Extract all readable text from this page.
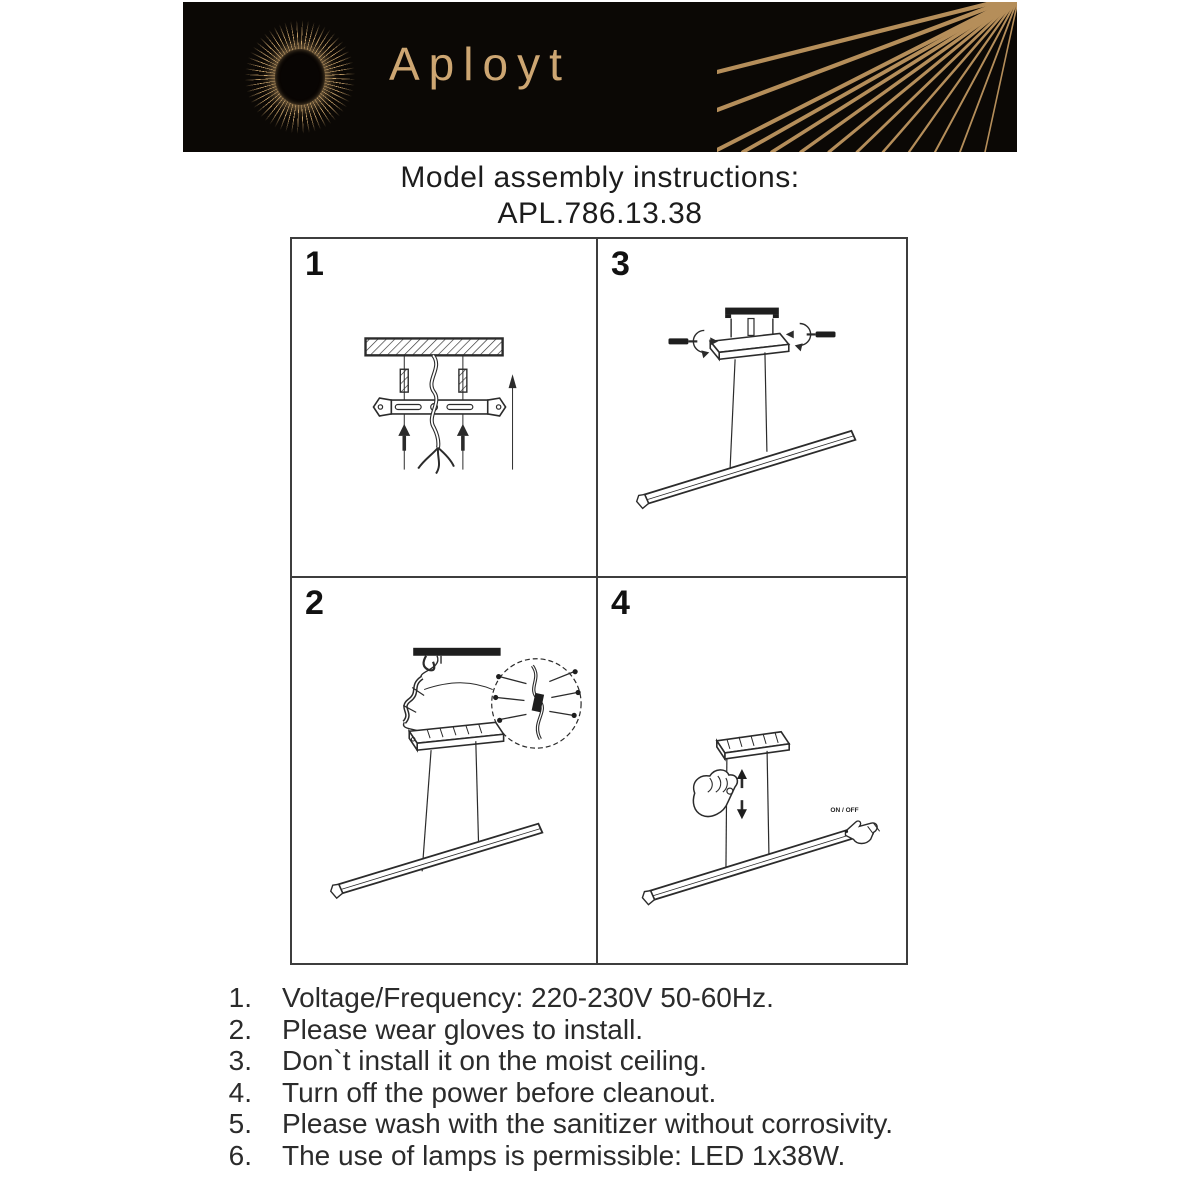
Aployt
Model assembly instructions:
APL.786.13.38
1	3
2	4
ON / OFF
1. Voltage/Frequency: 220-230V 50-60Hz.
2. Please wear gloves to install.
3. Don`t install it on the moist ceiling.
4. Turn off the power before cleanout.
5. Please wash with the sanitizer without corrosivity.
6. The use of lamps is permissible: LED 1x38W.
